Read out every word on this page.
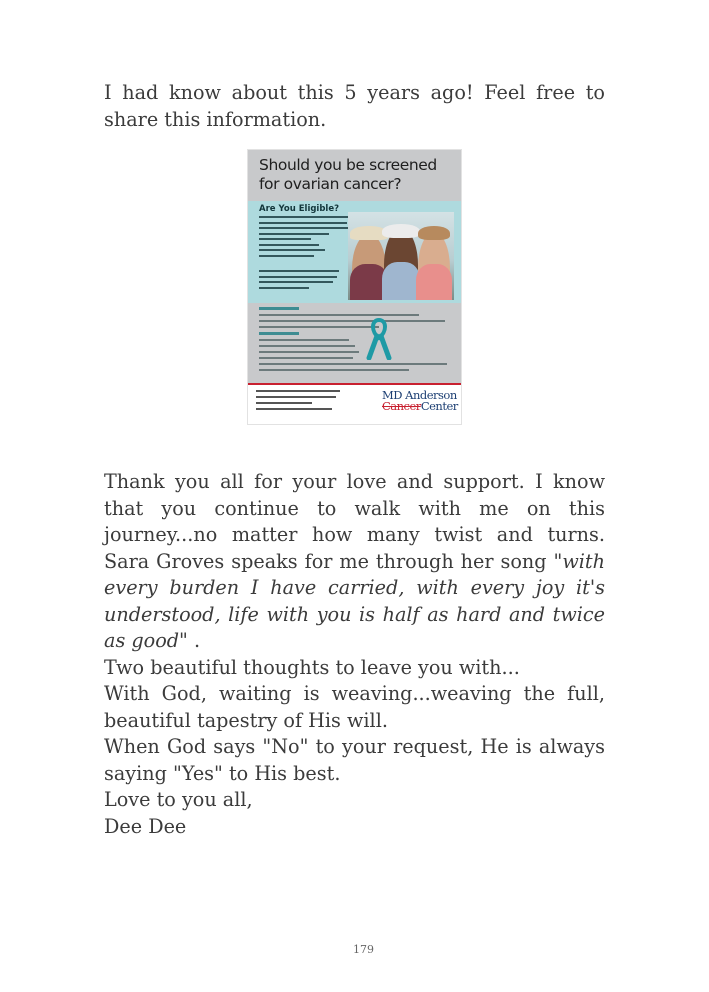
I had know about this 5 years ago! Feel free to share this information.

Should you be screened for ovarian cancer?
Are You Eligible?
MD Anderson
CancerCenter

Thank you all for your love and support. I know that you continue to walk with me on this journey...no matter how many twist and turns. Sara Groves speaks for me through her song "with every burden I have carried, with every joy it's understood, life with you is half as hard and twice as good" .

Two beautiful thoughts to leave you with...

With God, waiting is weaving...weaving the full, beautiful tapestry of His will.

When God says "No" to your request, He is always saying "Yes" to His best.

Love to you all,

Dee Dee

179
